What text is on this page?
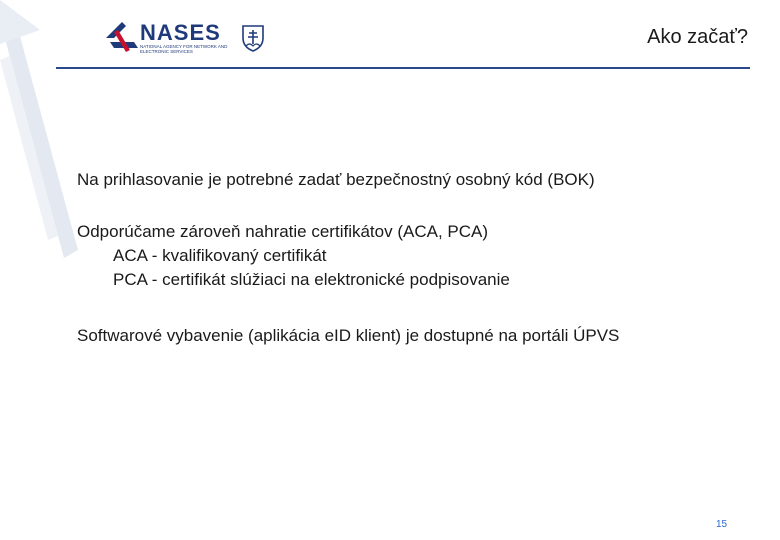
NASES
NATIONAL AGENCY FOR NETWORK AND ELECTRONIC SERVICES
Ako začať?

Na prihlasovanie je potrebné zadať bezpečnostný osobný kód (BOK)

Odporúčame zároveň nahratie certifikátov (ACA, PCA)

ACA - kvalifikovaný certifikát

PCA - certifikát slúžiaci na elektronické podpisovanie

Softwarové vybavenie (aplikácia eID klient) je dostupné na portáli ÚPVS

15
